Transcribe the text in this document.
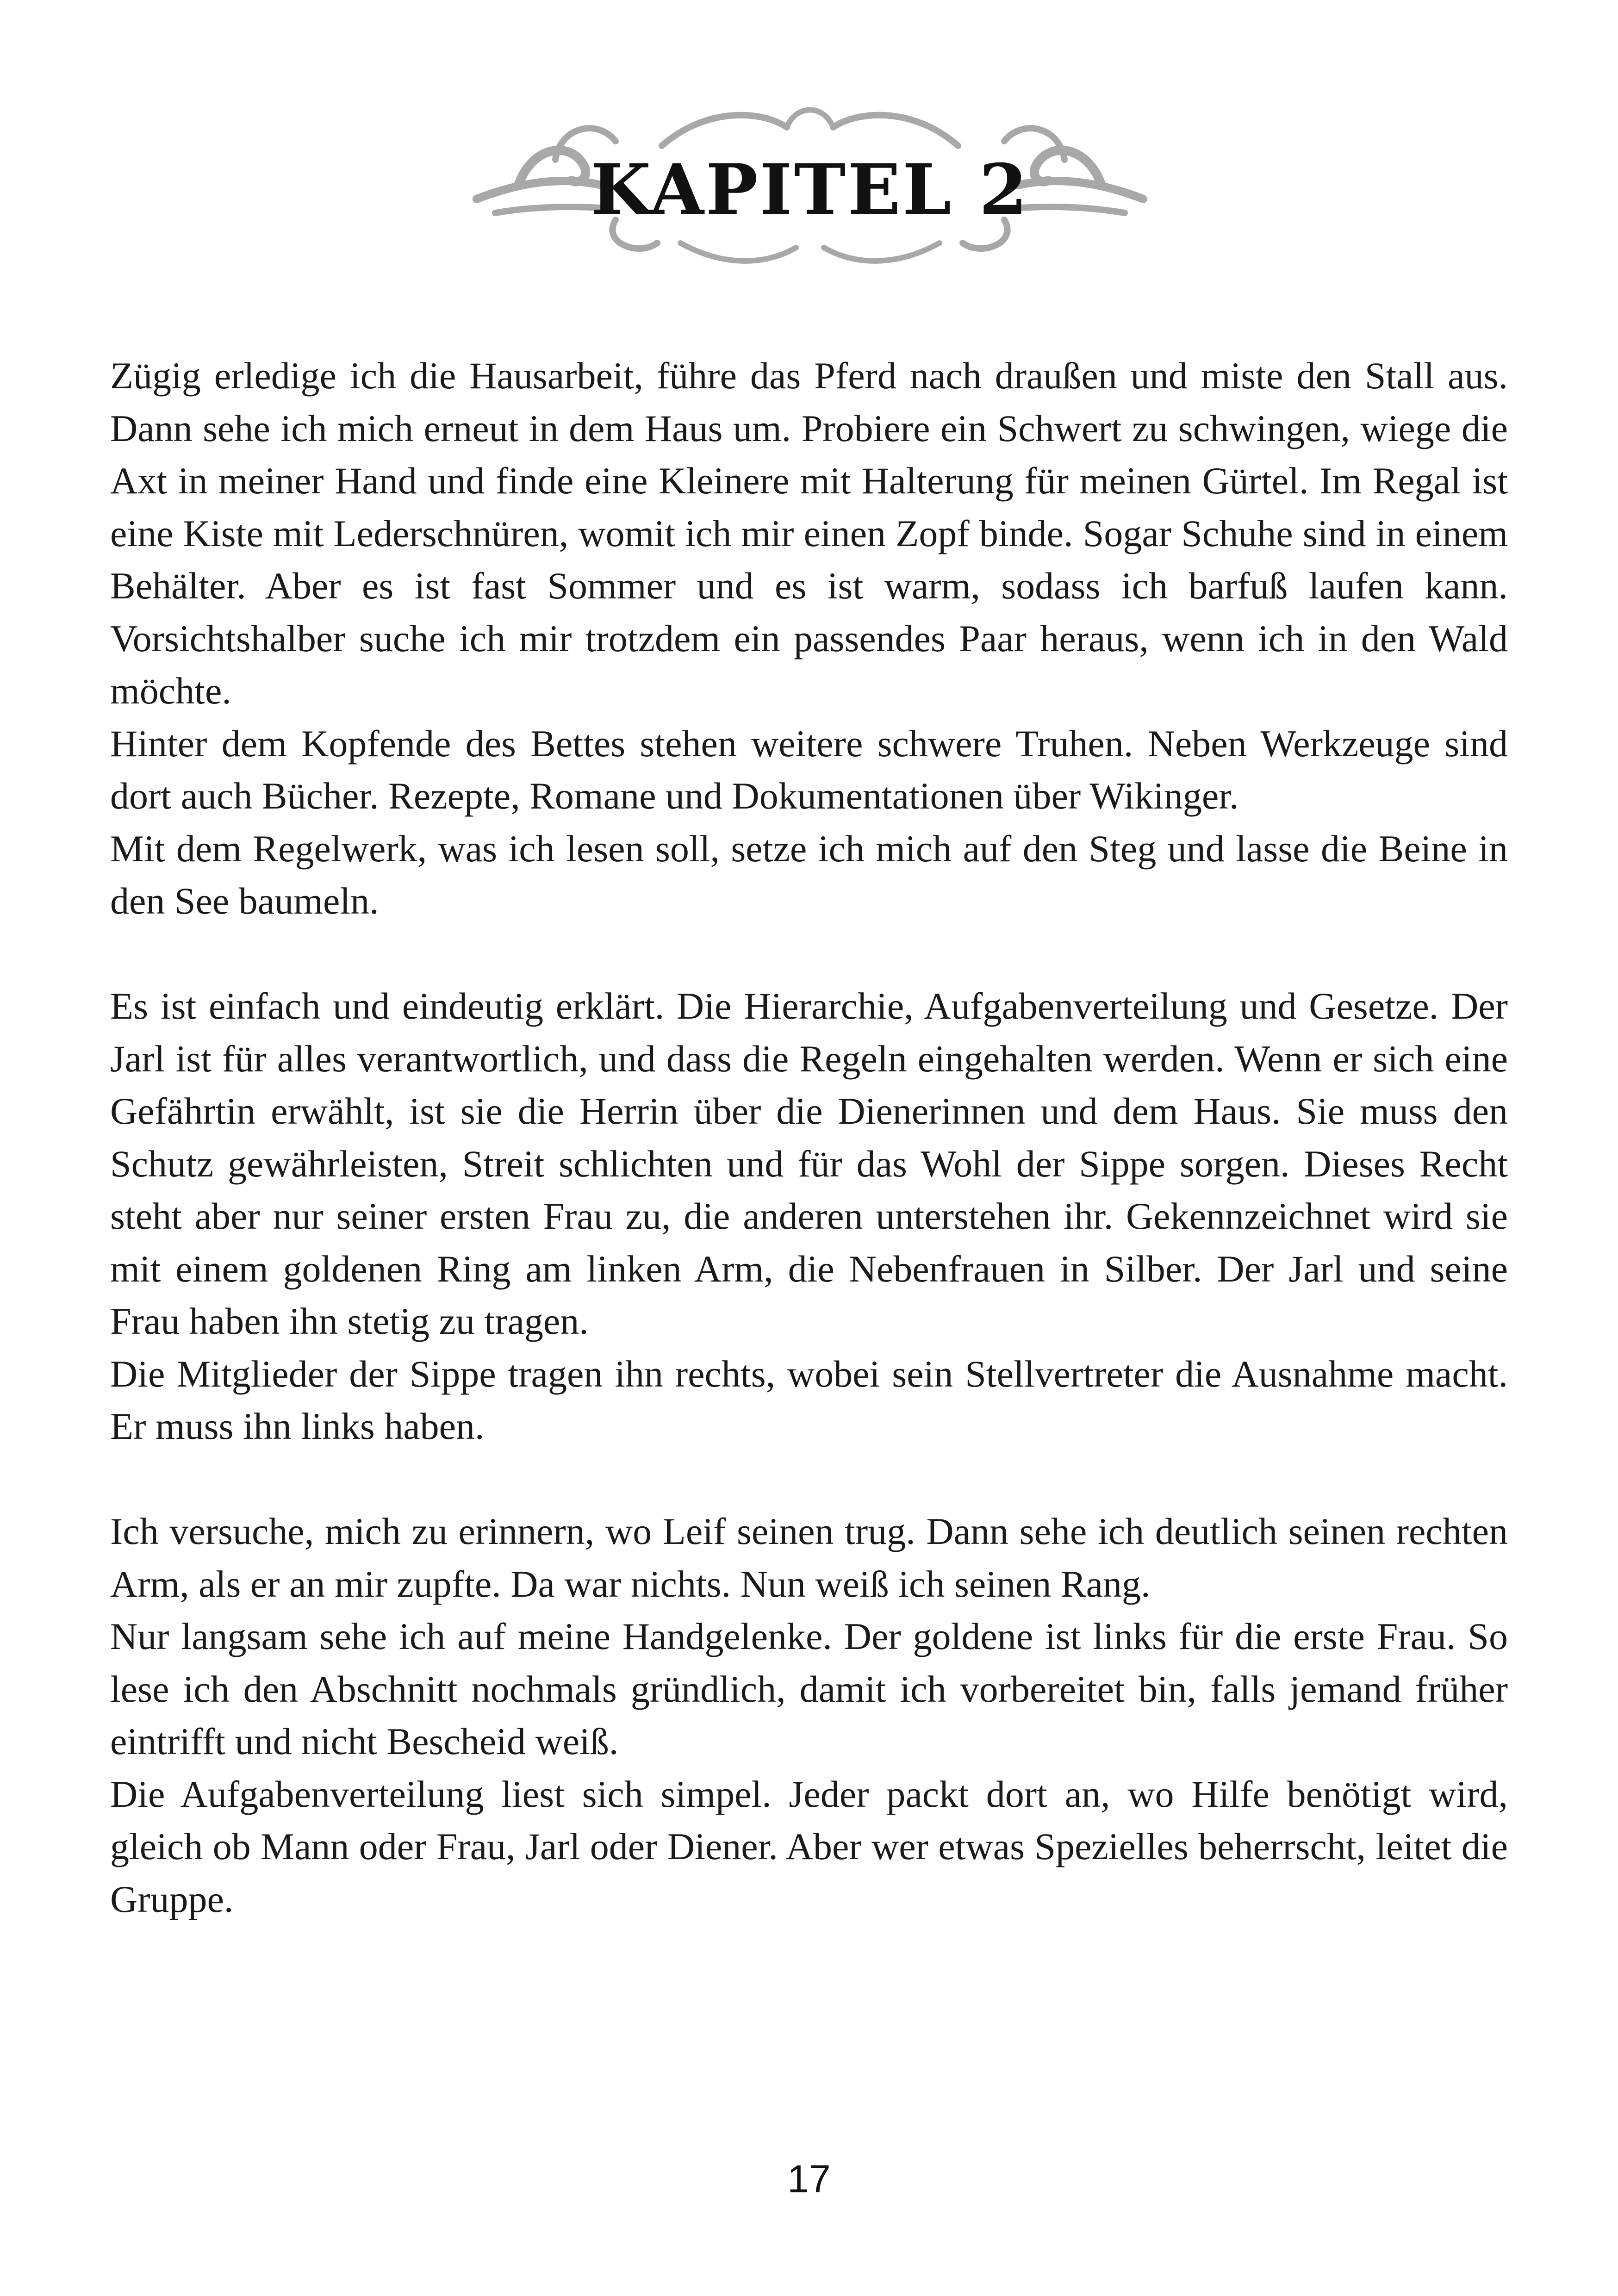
KAPITEL 2

Zügig erledige ich die Hausarbeit, führe das Pferd nach draußen und miste den Stall aus. Dann sehe ich mich erneut in dem Haus um. Probiere ein Schwert zu schwingen, wiege die Axt in meiner Hand und finde eine Kleinere mit Halterung für meinen Gürtel. Im Regal ist eine Kiste mit Lederschnüren, womit ich mir einen Zopf binde. Sogar Schuhe sind in einem Behälter. Aber es ist fast Sommer und es ist warm, sodass ich barfuß laufen kann. Vorsichtshalber suche ich mir trotzdem ein passendes Paar heraus, wenn ich in den Wald möchte.

Hinter dem Kopfende des Bettes stehen weitere schwere Truhen. Neben Werkzeuge sind dort auch Bücher. Rezepte, Romane und Dokumentationen über Wikinger.

Mit dem Regelwerk, was ich lesen soll, setze ich mich auf den Steg und lasse die Beine in den See baumeln.

Es ist einfach und eindeutig erklärt. Die Hierarchie, Aufgabenverteilung und Gesetze. Der Jarl ist für alles verantwortlich, und dass die Regeln eingehalten werden. Wenn er sich eine Gefährtin erwählt, ist sie die Herrin über die Dienerinnen und dem Haus. Sie muss den Schutz gewährleisten, Streit schlichten und für das Wohl der Sippe sorgen. Dieses Recht steht aber nur seiner ersten Frau zu, die anderen unterstehen ihr. Gekennzeichnet wird sie mit einem goldenen Ring am linken Arm, die Nebenfrauen in Silber. Der Jarl und seine Frau haben ihn stetig zu tragen.

Die Mitglieder der Sippe tragen ihn rechts, wobei sein Stellvertreter die Ausnahme macht. Er muss ihn links haben.

Ich versuche, mich zu erinnern, wo Leif seinen trug. Dann sehe ich deutlich seinen rechten Arm, als er an mir zupfte. Da war nichts. Nun weiß ich seinen Rang.

Nur langsam sehe ich auf meine Handgelenke. Der goldene ist links für die erste Frau. So lese ich den Abschnitt nochmals gründlich, damit ich vorbereitet bin, falls jemand früher eintrifft und nicht Bescheid weiß.

Die Aufgabenverteilung liest sich simpel. Jeder packt dort an, wo Hilfe benötigt wird, gleich ob Mann oder Frau, Jarl oder Diener. Aber wer etwas Spezielles beherrscht, leitet die Gruppe.

17
